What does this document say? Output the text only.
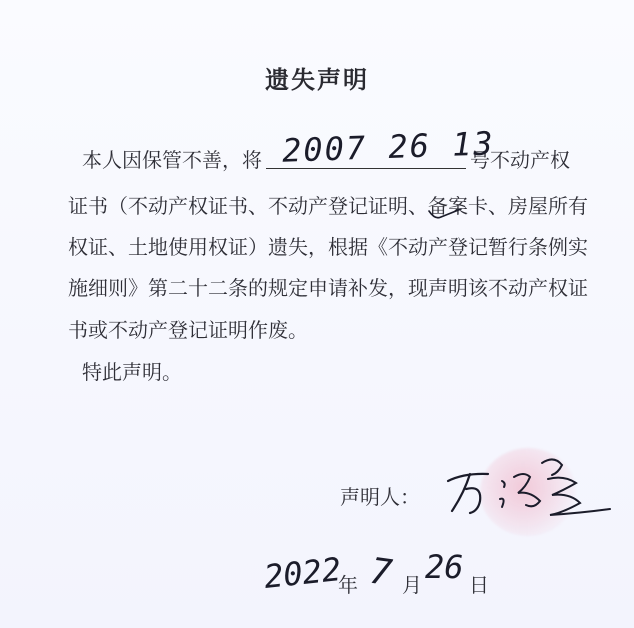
遗失声明
本人因保管不善，将	号不动产权
2007 26 13
证书（不动产权证书、不动产登记证明、备案卡、房屋所有
权证、土地使用权证）遗失，根据《不动产登记暂行条例实
施细则》第二十二条的规定申请补发，现声明该不动产权证
书或不动产登记证明作废。
特此声明。
声明人：
2022
年 7 月 26 日
